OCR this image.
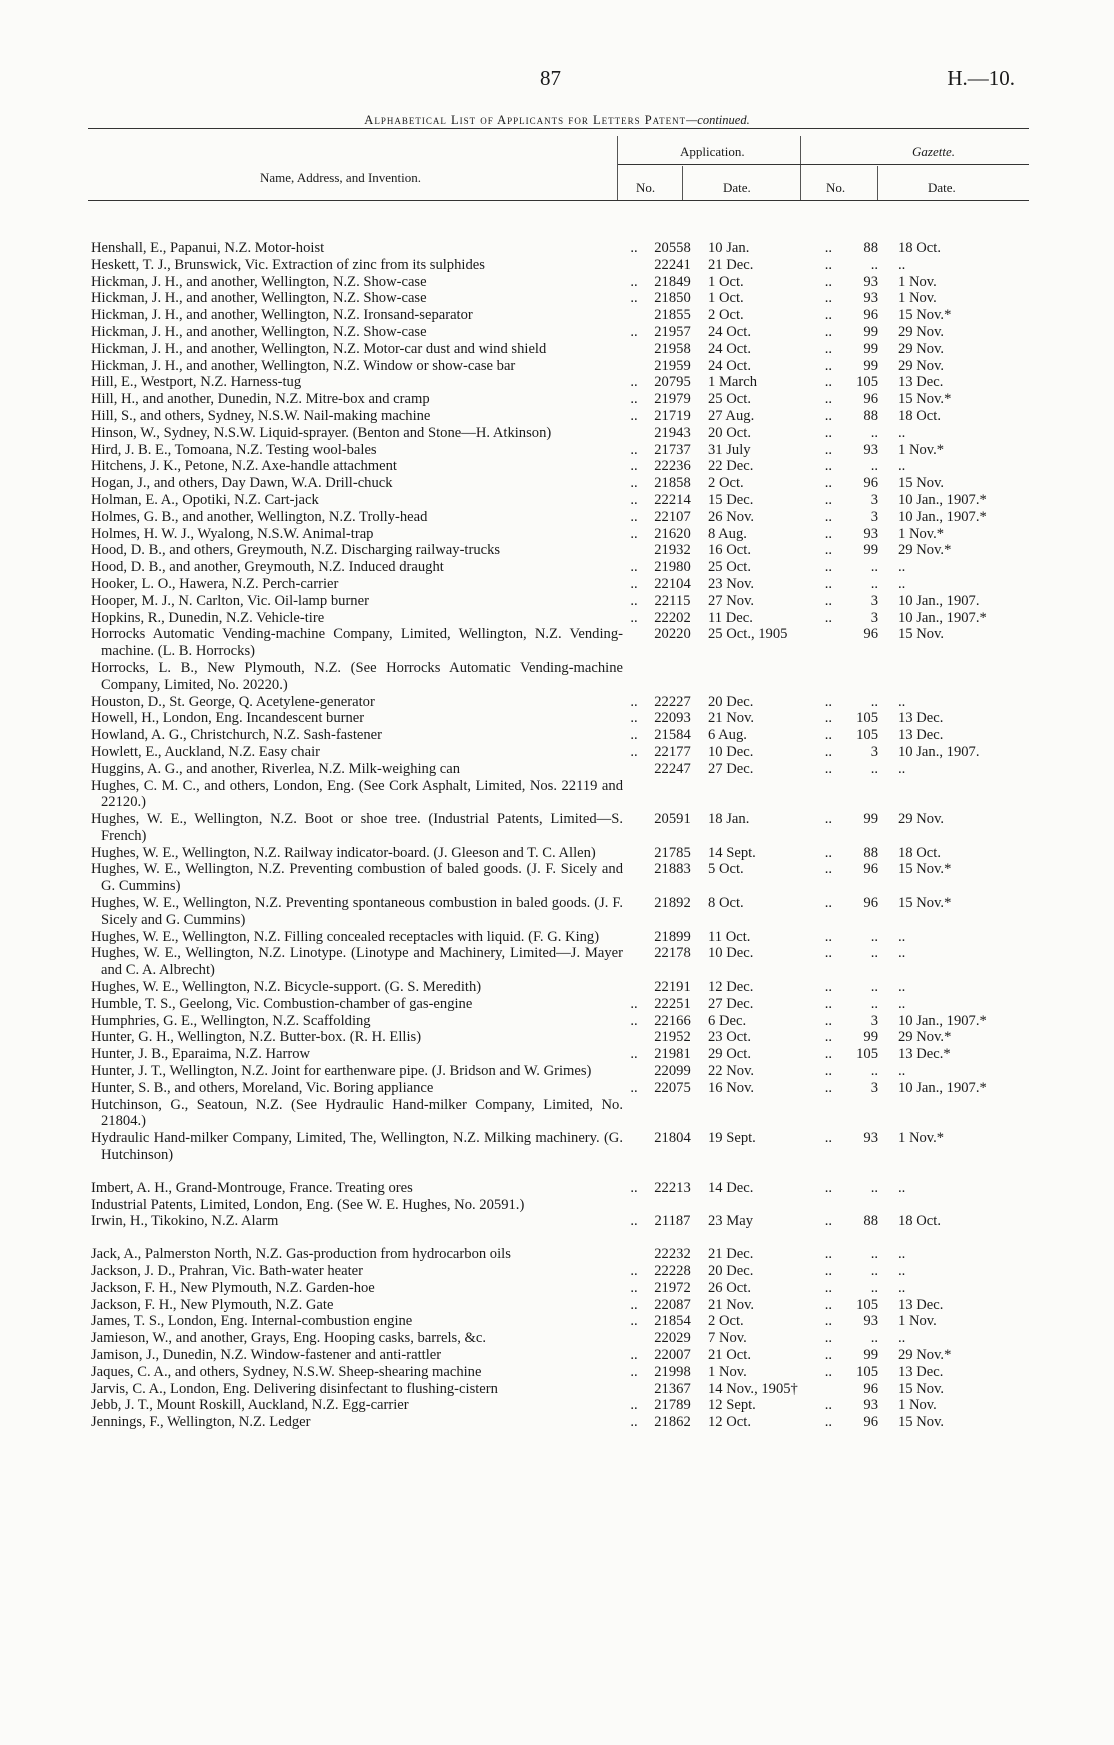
87	H.—10.
Alphabetical List of Applicants for Letters Patent—continued.
Name, Address, and Invention.
Application.	Gazette.
No.	Date.	No.	Date.
Henshall, E., Papanui, N.Z. Motor-hoist	..	20558	10 Jan.	..	88	18 Oct.
Heskett, T. J., Brunswick, Vic. Extraction of zinc from its sulphides	22241	21 Dec.	..	..	..
Hickman, J. H., and another, Wellington, N.Z. Show-case	..	21849	1 Oct.	..	93	1 Nov.
Hickman, J. H., and another, Wellington, N.Z. Show-case	..	21850	1 Oct.	..	93	1 Nov.
Hickman, J. H., and another, Wellington, N.Z. Ironsand-separator	21855	2 Oct.	..	96	15 Nov.*
Hickman, J. H., and another, Wellington, N.Z. Show-case	..	21957	24 Oct.	..	99	29 Nov.
Hickman, J. H., and another, Wellington, N.Z. Motor-car dust and wind shield	21958	24 Oct.	..	99	29 Nov.
Hickman, J. H., and another, Wellington, N.Z. Window or show-case bar	21959	24 Oct.	..	99	29 Nov.
Hill, E., Westport, N.Z. Harness-tug	..	20795	1 March	..	105	13 Dec.
Hill, H., and another, Dunedin, N.Z. Mitre-box and cramp	..	21979	25 Oct.	..	96	15 Nov.*
Hill, S., and others, Sydney, N.S.W. Nail-making machine	..	21719	27 Aug.	..	88	18 Oct.
Hinson, W., Sydney, N.S.W. Liquid-sprayer. (Benton and Stone—H. Atkinson)	21943	20 Oct.	..	..	..
Hird, J. B. E., Tomoana, N.Z. Testing wool-bales	..	21737	31 July	..	93	1 Nov.*
Hitchens, J. K., Petone, N.Z. Axe-handle attachment	..	22236	22 Dec.	..	..	..
Hogan, J., and others, Day Dawn, W.A. Drill-chuck	..	21858	2 Oct.	..	96	15 Nov.
Holman, E. A., Opotiki, N.Z. Cart-jack	..	22214	15 Dec.	..	3	10 Jan., 1907.*
Holmes, G. B., and another, Wellington, N.Z. Trolly-head	..	22107	26 Nov.	..	3	10 Jan., 1907.*
Holmes, H. W. J., Wyalong, N.S.W. Animal-trap	..	21620	8 Aug.	..	93	1 Nov.*
Hood, D. B., and others, Greymouth, N.Z. Discharging railway-trucks	21932	16 Oct.	..	99	29 Nov.*
Hood, D. B., and another, Greymouth, N.Z. Induced draught	..	21980	25 Oct.	..	..	..
Hooker, L. O., Hawera, N.Z. Perch-carrier	..	22104	23 Nov.	..	..	..
Hooper, M. J., N. Carlton, Vic. Oil-lamp burner	..	22115	27 Nov.	..	3	10 Jan., 1907.
Hopkins, R., Dunedin, N.Z. Vehicle-tire	..	22202	11 Dec.	..	3	10 Jan., 1907.*
Horrocks Automatic Vending-machine Company, Limited, Wellington, N.Z. Vending-machine. (L. B. Horrocks)
20220	25 Oct., 1905	96	15 Nov.
Horrocks, L. B., New Plymouth, N.Z. (See Horrocks Automatic Vending-machine Company, Limited, No. 20220.)
Houston, D., St. George, Q. Acetylene-generator	..	22227	20 Dec.	..	..	..
Howell, H., London, Eng. Incandescent burner	..	22093	21 Nov.	..	105	13 Dec.
Howland, A. G., Christchurch, N.Z. Sash-fastener	..	21584	6 Aug.	..	105	13 Dec.
Howlett, E., Auckland, N.Z. Easy chair	..	22177	10 Dec.	..	3	10 Jan., 1907.
Huggins, A. G., and another, Riverlea, N.Z. Milk-weighing can	22247	27 Dec.	..	..	..
Hughes, C. M. C., and others, London, Eng. (See Cork Asphalt, Limited, Nos. 22119 and 22120.)
Hughes, W. E., Wellington, N.Z. Boot or shoe tree. (Industrial Patents, Limited—S. French)
20591	18 Jan.	..	99	29 Nov.
Hughes, W. E., Wellington, N.Z. Railway indicator-board. (J. Gleeson and T. C. Allen)	21785	14 Sept.	..	88	18 Oct.
Hughes, W. E., Wellington, N.Z. Preventing combustion of baled goods. (J. F. Sicely and G. Cummins)
21883	5 Oct.	..	96	15 Nov.*
Hughes, W. E., Wellington, N.Z. Preventing spontaneous combustion in baled goods. (J. F. Sicely and G. Cummins)
21892	8 Oct.	..	96	15 Nov.*
Hughes, W. E., Wellington, N.Z. Filling concealed receptacles with liquid. (F. G. King)	21899	11 Oct.	..	..	..
Hughes, W. E., Wellington, N.Z. Linotype. (Linotype and Machinery, Limited—J. Mayer and C. A. Albrecht)
22178	10 Dec.	..	..	..
Hughes, W. E., Wellington, N.Z. Bicycle-support. (G. S. Meredith)	22191	12 Dec.	..	..	..
Humble, T. S., Geelong, Vic. Combustion-chamber of gas-engine	..	22251	27 Dec.	..	..	..
Humphries, G. E., Wellington, N.Z. Scaffolding	..	22166	6 Dec.	..	3	10 Jan., 1907.*
Hunter, G. H., Wellington, N.Z. Butter-box. (R. H. Ellis)	21952	23 Oct.	..	99	29 Nov.*
Hunter, J. B., Eparaima, N.Z. Harrow	..	21981	29 Oct.	..	105	13 Dec.*
Hunter, J. T., Wellington, N.Z. Joint for earthenware pipe. (J. Bridson and W. Grimes)	22099	22 Nov.	..	..	..
Hunter, S. B., and others, Moreland, Vic. Boring appliance	..	22075	16 Nov.	..	3	10 Jan., 1907.*
Hutchinson, G., Seatoun, N.Z. (See Hydraulic Hand-milker Company, Limited, No. 21804.)
Hydraulic Hand-milker Company, Limited, The, Wellington, N.Z. Milking machinery. (G. Hutchinson)
21804	19 Sept.	..	93	1 Nov.*
Imbert, A. H., Grand-Montrouge, France. Treating ores	..	22213	14 Dec.	..	..	..
Industrial Patents, Limited, London, Eng. (See W. E. Hughes, No. 20591.)
Irwin, H., Tikokino, N.Z. Alarm	..	21187	23 May	..	88	18 Oct.
Jack, A., Palmerston North, N.Z. Gas-production from hydrocarbon oils	22232	21 Dec.	..	..	..
Jackson, J. D., Prahran, Vic. Bath-water heater	..	22228	20 Dec.	..	..	..
Jackson, F. H., New Plymouth, N.Z. Garden-hoe	..	21972	26 Oct.	..	..	..
Jackson, F. H., New Plymouth, N.Z. Gate	..	22087	21 Nov.	..	105	13 Dec.
James, T. S., London, Eng. Internal-combustion engine	..	21854	2 Oct.	..	93	1 Nov.
Jamieson, W., and another, Grays, Eng. Hooping casks, barrels, &c.	22029	7 Nov.	..	..	..
Jamison, J., Dunedin, N.Z. Window-fastener and anti-rattler	..	22007	21 Oct.	..	99	29 Nov.*
Jaques, C. A., and others, Sydney, N.S.W. Sheep-shearing machine	..	21998	1 Nov.	..	105	13 Dec.
Jarvis, C. A., London, Eng. Delivering disinfectant to flushing-cistern	21367	14 Nov., 1905†	96	15 Nov.
Jebb, J. T., Mount Roskill, Auckland, N.Z. Egg-carrier	..	21789	12 Sept.	..	93	1 Nov.
Jennings, F., Wellington, N.Z. Ledger	..	21862	12 Oct.	..	96	15 Nov.
